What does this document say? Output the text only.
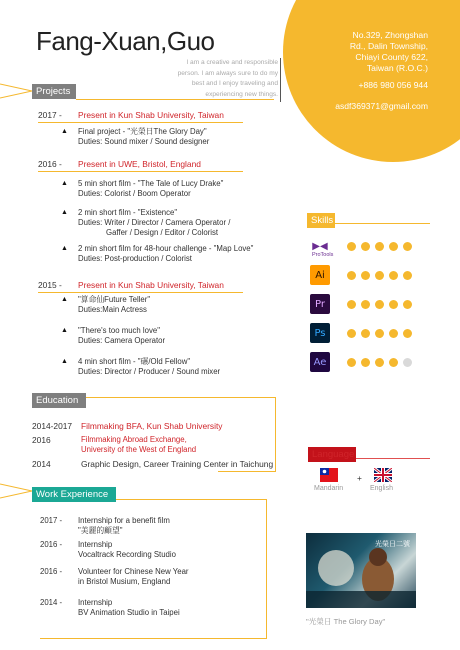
Fang-Xuan,Guo
I am a creative and responsible person. I am always sure to do my best and I enjoy traveling and experiencing new things.
No.329, Zhongshan
Rd., Dalin Township,
Chiayi County 622,
Taiwan (R.O.C.)
+886 980 056 944
asdf369371@gmail.com
Projects
2017 - Present in Kun Shab University, Taiwan
▲ Final project - "光榮日The Glory Day"
Duties: Sound mixer / Sound designer
2016 - Present in UWE, Bristol, England
▲ 5 min short film - "The Tale of Lucy Drake"
Duties: Colorist / Boom Operator
▲ 2 min short film - "Existence"
Duties: Writer / Director / Camera Operator /
Gaffer / Design / Editor / Colorist
▲ 2 min short film for 48-hour challenge - "Map Love"
Duties: Post-production / Colorist
2015 - Present in Kun Shab University, Taiwan
▲ "算命仙Future Teller"
Duties:Main Actress
▲ "There's too much love"
Duties: Camera Operator
▲ 4 min short film - "碾/Old Fellow"
Duties: Director / Producer / Sound mixer
Education
2014-2017 Filmmaking BFA, Kun Shab University
2016	Filmmaking Abroad Exchange,
University of the West of England
2014	Graphic Design, Career Training Center in Taichung
Work Experience
2017 - Internship for a benefit film
"美麗的顧望"
2016 - Internship
Vocaltrack Recording Studio
2016 - Volunteer for Chinese New Year
in Bristol Musium, England
2014 - Internship
BV Animation Studio in Taipei
Skills
▶◀
ProTools
Ai
Pr
Ps
Ae
Language
Mandarin
+
English
光榮日二號
"光榮日 The Glory Day"
